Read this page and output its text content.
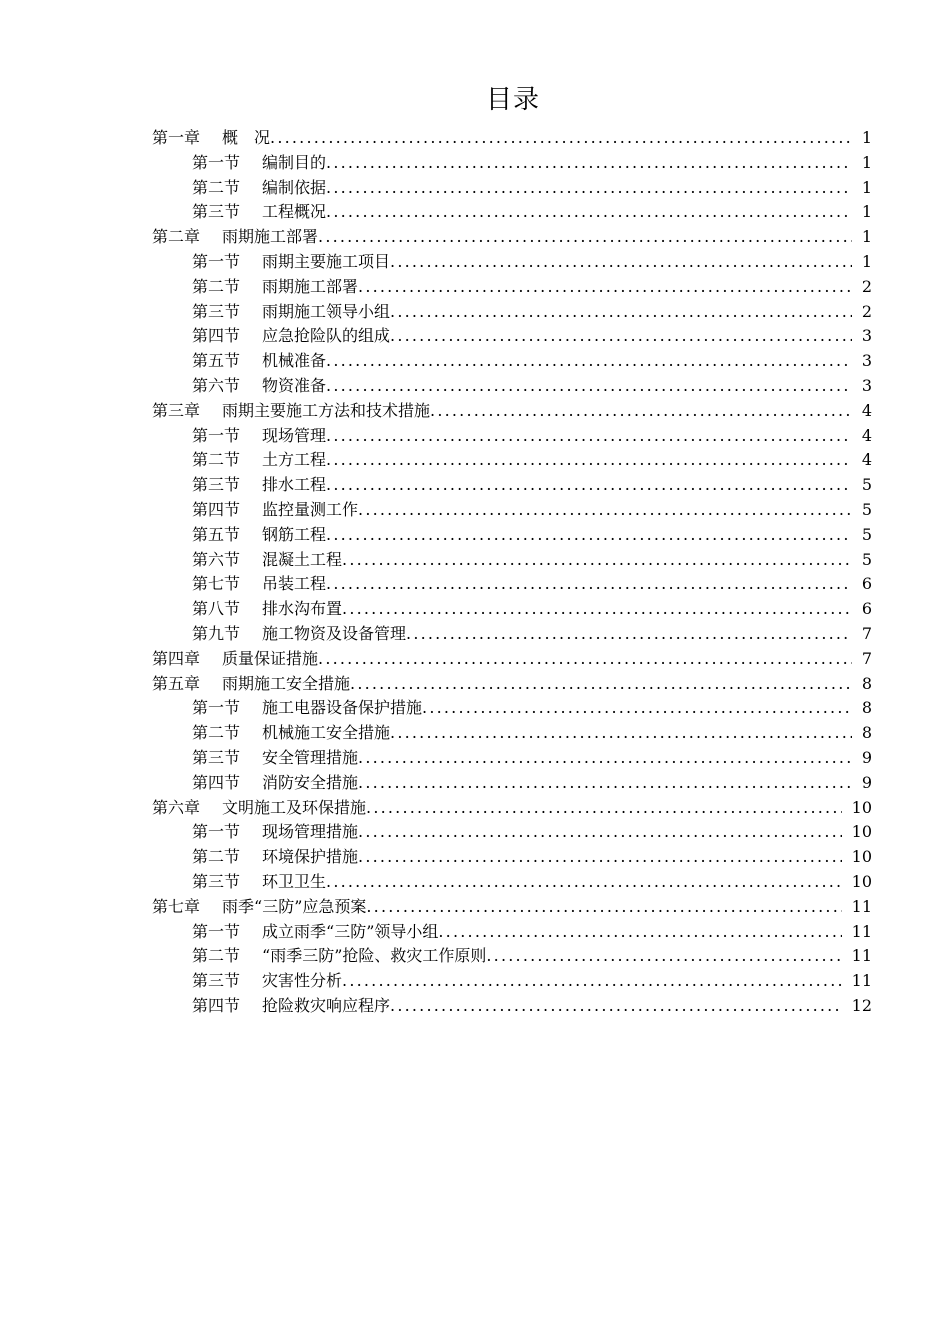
目录
第一章 概　况 .....	1
第一节 编制目的 .....	1
第二节 编制依据 .....	1
第三节 工程概况 .....	1
第二章 雨期施工部署 .....	1
第一节 雨期主要施工项目 .....	1
第二节 雨期施工部署 .....	2
第三节 雨期施工领导小组 .....	2
第四节 应急抢险队的组成 .....	3
第五节 机械准备 .....	3
第六节 物资准备 .....	3
第三章 雨期主要施工方法和技术措施 .....	4
第一节 现场管理 .....	4
第二节 土方工程 .....	4
第三节 排水工程 .....	5
第四节 监控量测工作 .....	5
第五节 钢筋工程 .....	5
第六节 混凝土工程 .....	5
第七节 吊装工程 .....	6
第八节 排水沟布置 .....	6
第九节 施工物资及设备管理 .....	7
第四章 质量保证措施 .....	7
第五章 雨期施工安全措施 .....	8
第一节 施工电器设备保护措施 .....	8
第二节 机械施工安全措施 .....	8
第三节 安全管理措施 .....	9
第四节 消防安全措施 .....	9
第六章 文明施工及环保措施 .....	10
第一节 现场管理措施 .....	10
第二节 环境保护措施 .....	10
第三节 环卫卫生 .....	10
第七章 雨季“三防”应急预案 .....	11
第一节 成立雨季“三防”领导小组 .....	11
第二节 “雨季三防”抢险、救灾工作原则 .....	11
第三节 灾害性分析 .....	11
第四节 抢险救灾响应程序 .....	12
